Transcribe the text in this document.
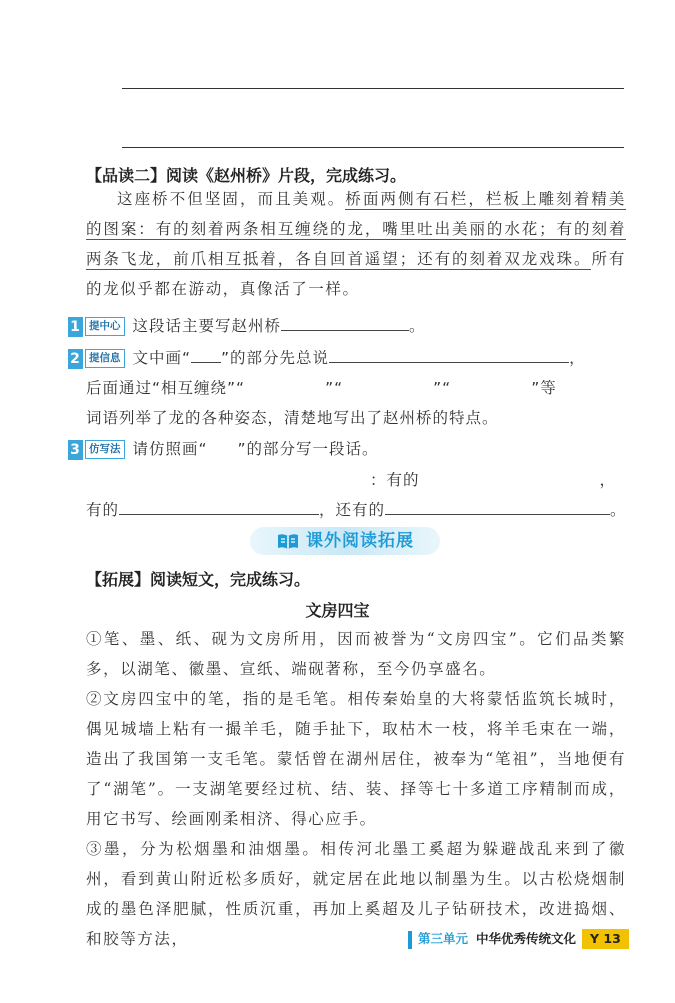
【品读二】阅读《赵州桥》片段，完成练习。
这座桥不但坚固，而且美观。桥面两侧有石栏，栏板上雕刻着精美的图案：有的刻着两条相互缠绕的龙，嘴里吐出美丽的水花；有的刻着两条飞龙，前爪相互抵着，各自回首遥望；还有的刻着双龙戏珠。所有的龙似乎都在游动，真像活了一样。
1 提中心 这段话主要写赵州桥	。
2 提信息 文中画“ ”的部分先总说	，
后面通过“相互缠绕”“	”“	”“	”等
词语列举了龙的各种姿态，清楚地写出了赵州桥的特点。
3 仿写法 请仿照画“ ”的部分写一段话。
：有的	，
有的	，还有的	。
课外阅读拓展
【拓展】阅读短文，完成练习。
文房四宝
①笔、墨、纸、砚为文房所用，因而被誉为“文房四宝”。它们品类繁多，以湖笔、徽墨、宣纸、端砚著称，至今仍享盛名。
②文房四宝中的笔，指的是毛笔。相传秦始皇的大将蒙恬监筑长城时，偶见城墙上粘有一撮羊毛，随手扯下，取枯木一枝，将羊毛束在一端，造出了我国第一支毛笔。蒙恬曾在湖州居住，被奉为“笔祖”，当地便有了“湖笔”。一支湖笔要经过杭、结、装、择等七十多道工序精制而成，用它书写、绘画刚柔相济、得心应手。
③墨，分为松烟墨和油烟墨。相传河北墨工奚超为躲避战乱来到了徽州，看到黄山附近松多质好，就定居在此地以制墨为生。以古松烧烟制成的墨色泽肥腻，性质沉重，再加上奚超及儿子钻研技术，改进捣烟、和胶等方法，	第三单元 中华优秀传统文化 Y 13
